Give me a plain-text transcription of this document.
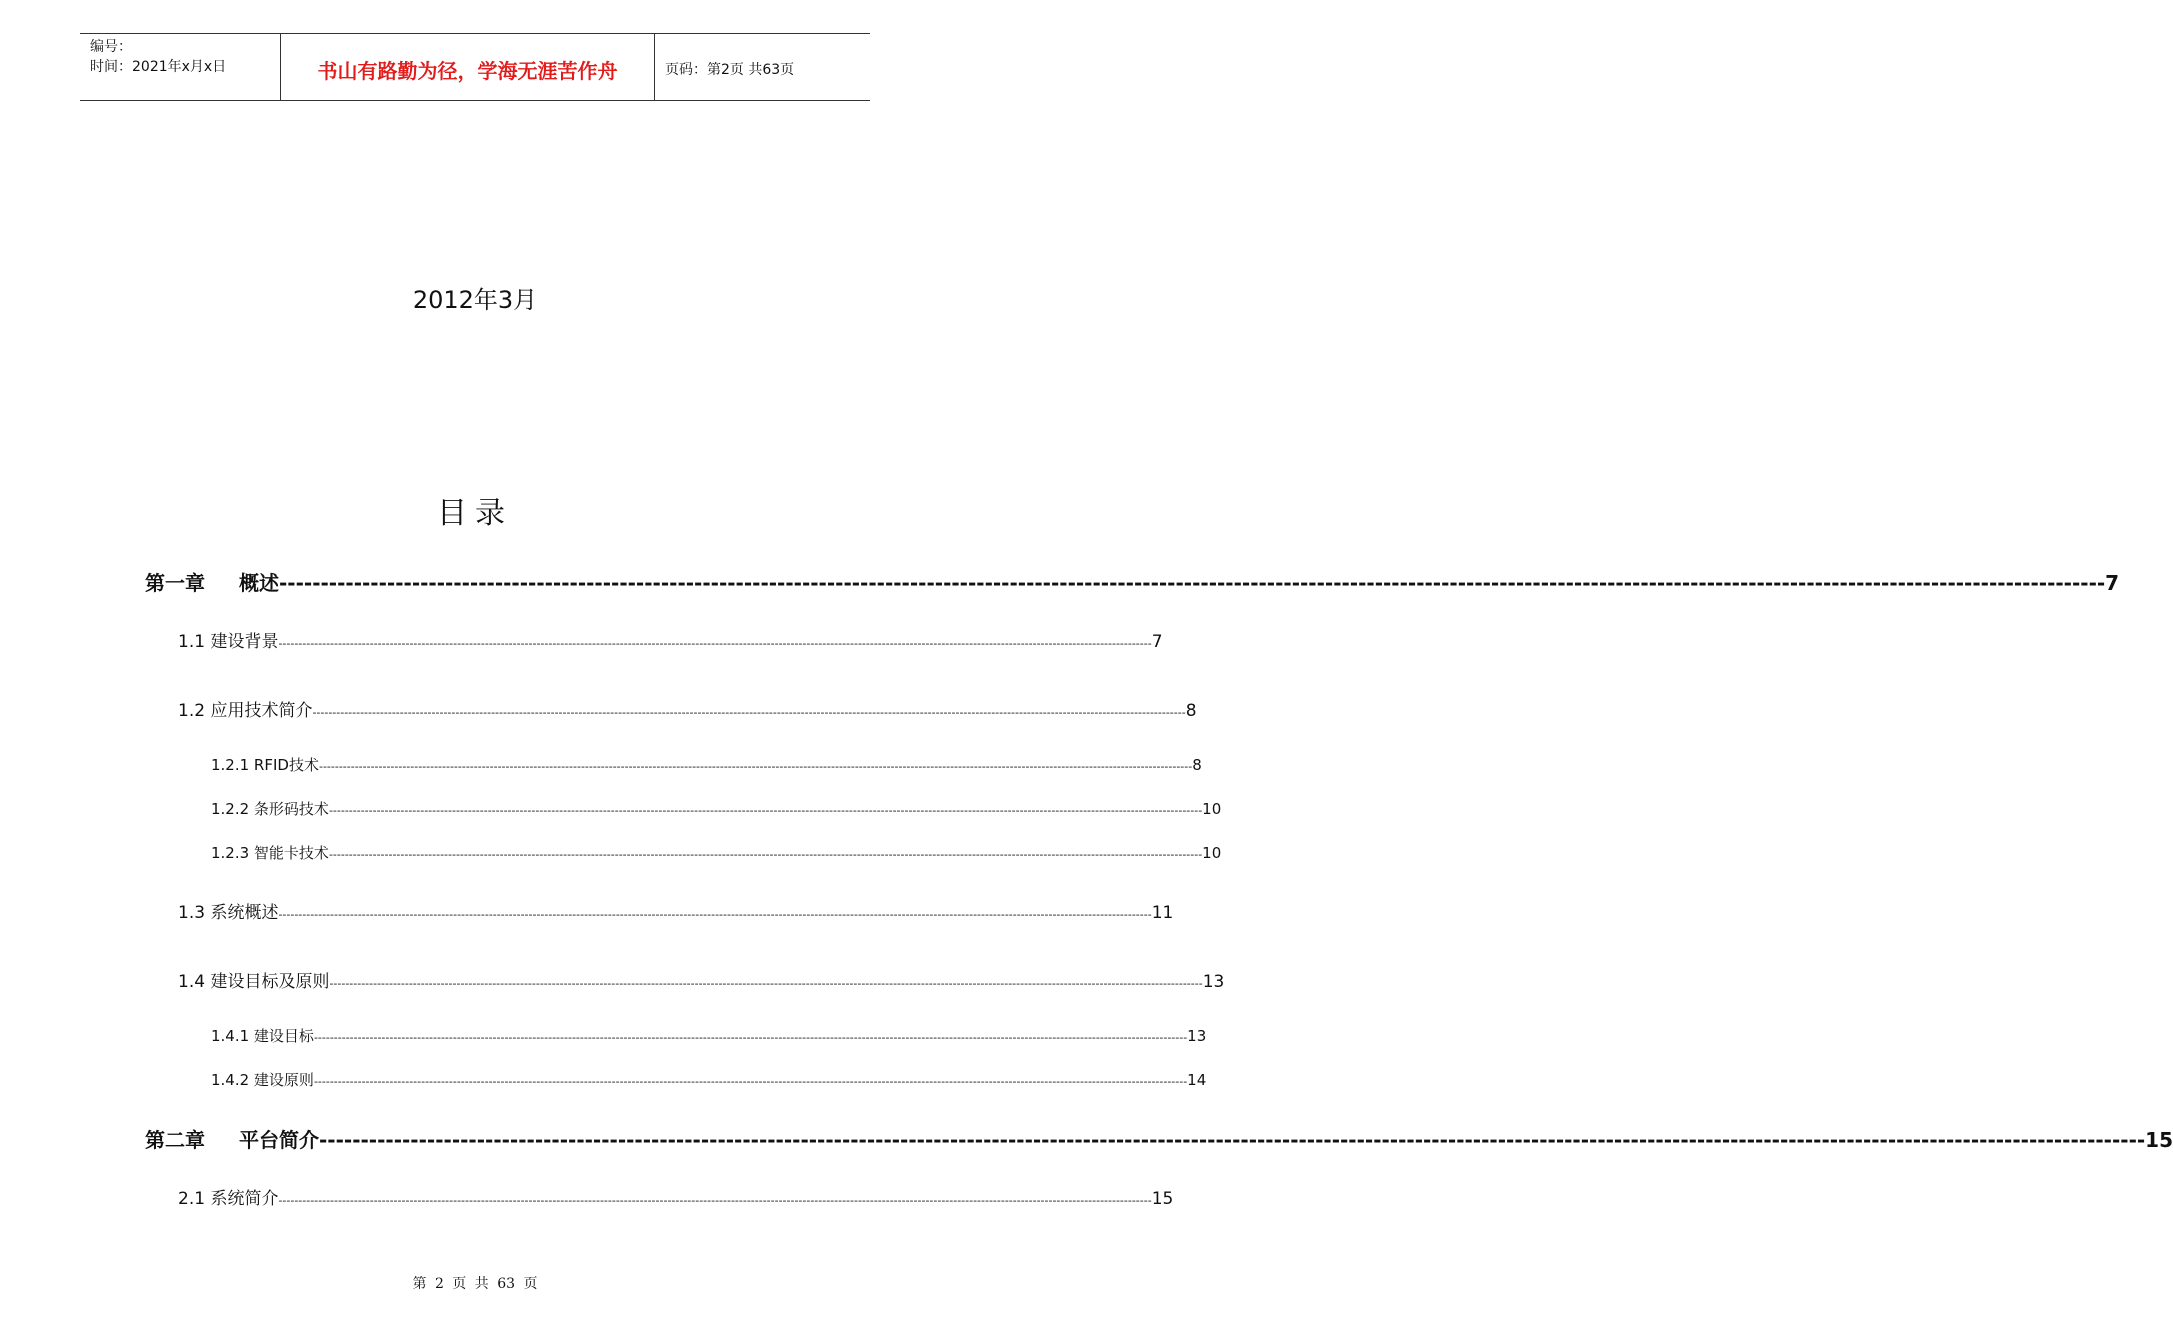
编号：
时间：2021年x月x日	书山有路勤为径，学海无涯苦作舟	页码：第2页 共63页
2012年3月
目录
第一章 概述 ---------------------------------------------------------------------------------------------------------------------------------------------------------------------------------------------------------------------------- 7
1.1 建设背景 ---------------------------------------------------------------------------------------------------------------------------------------------------------------------------------------------------------------------------- 7
1.2 应用技术简介 ---------------------------------------------------------------------------------------------------------------------------------------------------------------------------------------------------------------------------- 8
1.2.1 RFID技术 ---------------------------------------------------------------------------------------------------------------------------------------------------------------------------------------------------------------------------- 8
1.2.2 条形码技术 ---------------------------------------------------------------------------------------------------------------------------------------------------------------------------------------------------------------------------- 10
1.2.3 智能卡技术 ---------------------------------------------------------------------------------------------------------------------------------------------------------------------------------------------------------------------------- 10
1.3 系统概述 ---------------------------------------------------------------------------------------------------------------------------------------------------------------------------------------------------------------------------- 11
1.4 建设目标及原则 ---------------------------------------------------------------------------------------------------------------------------------------------------------------------------------------------------------------------------- 13
1.4.1 建设目标 ---------------------------------------------------------------------------------------------------------------------------------------------------------------------------------------------------------------------------- 13
1.4.2 建设原则 ---------------------------------------------------------------------------------------------------------------------------------------------------------------------------------------------------------------------------- 14
第二章 平台简介 ---------------------------------------------------------------------------------------------------------------------------------------------------------------------------------------------------------------------------- 15
2.1 系统简介 ---------------------------------------------------------------------------------------------------------------------------------------------------------------------------------------------------------------------------- 15
第 2 页 共 63 页
